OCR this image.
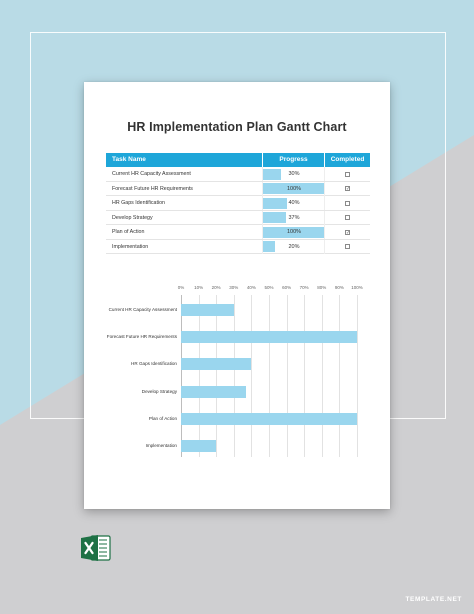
HR Implementation Plan Gantt Chart
Task Name	Progress	Completed
Current HR Capacity Assessment	30%
Forecast Future HR Requirements	100%	✓
HR Gaps Identification	40%
Develop Strategy	37%
Plan of Action	100%	✓
Implementation	20%
0% 10% 20% 30% 40% 50% 60% 70% 80% 90% 100%
Current HR Capacity Assessment
Forecast Future HR Requirements
HR Gaps Identification
Develop Strategy
Plan of Action
Implementation
TEMPLATE.NET
